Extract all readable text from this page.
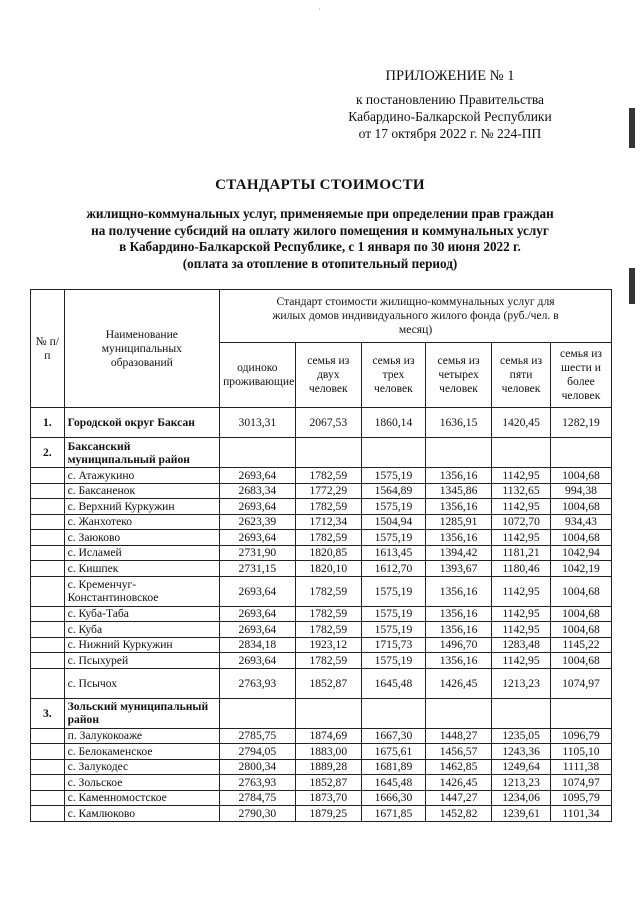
·
ПРИЛОЖЕНИЕ № 1
к постановлению Правительства
Кабардино-Балкарской Республики
от 17 октября 2022 г. № 224-ПП
СТАНДАРТЫ СТОИМОСТИ
жилищно-коммунальных услуг, применяемые при определении прав граждан
на получение субсидий на оплату жилого помещения и коммунальных услуг
в Кабардино-Балкарской Республике, с 1 января по 30 июня 2022 г.
(оплата за отопление в отопительный период)
№ п/п	Наименование муниципальных образований	Стандарт стоимости жилищно-коммунальных услуг для жилых домов индивидуального жилого фонда (руб./чел. в месяц)					
		одиноко проживающие	семья из двух человек	семья из трех человек	семья из четырех человек	семья из пяти человек	семья из шести и более человек
1.	Городской округ Баксан	3013,31	2067,53	1860,14	1636,15	1420,45	1282,19
2.	Баксанский муниципальный район						
	с. Атажукино	2693,64	1782,59	1575,19	1356,16	1142,95	1004,68
	с. Баксаненок	2683,34	1772,29	1564,89	1345,86	1132,65	994,38
	с. Верхний Куркужин	2693,64	1782,59	1575,19	1356,16	1142,95	1004,68
	с. Жанхотеко	2623,39	1712,34	1504,94	1285,91	1072,70	934,43
	с. Заюково	2693,64	1782,59	1575,19	1356,16	1142,95	1004,68
	с. Исламей	2731,90	1820,85	1613,45	1394,42	1181,21	1042,94
	с. Кишпек	2731,15	1820,10	1612,70	1393,67	1180,46	1042,19
	с. Кременчуг-Константиновское	2693,64	1782,59	1575,19	1356,16	1142,95	1004,68
	с. Куба-Таба	2693,64	1782,59	1575,19	1356,16	1142,95	1004,68
	с. Куба	2693,64	1782,59	1575,19	1356,16	1142,95	1004,68
	с. Нижний Куркужин	2834,18	1923,12	1715,73	1496,70	1283,48	1145,22
	с. Псыхурей	2693,64	1782,59	1575,19	1356,16	1142,95	1004,68
	с. Псычох	2763,93	1852,87	1645,48	1426,45	1213,23	1074,97
3.	Зольский муниципальный район						
	п. Залукокоаже	2785,75	1874,69	1667,30	1448,27	1235,05	1096,79
	с. Белокаменское	2794,05	1883,00	1675,61	1456,57	1243,36	1105,10
	с. Залукодес	2800,34	1889,28	1681,89	1462,85	1249,64	1111,38
	с. Зольское	2763,93	1852,87	1645,48	1426,45	1213,23	1074,97
	с. Каменномостское	2784,75	1873,70	1666,30	1447,27	1234,06	1095,79
	с. Камлюково	2790,30	1879,25	1671,85	1452,82	1239,61	1101,34
